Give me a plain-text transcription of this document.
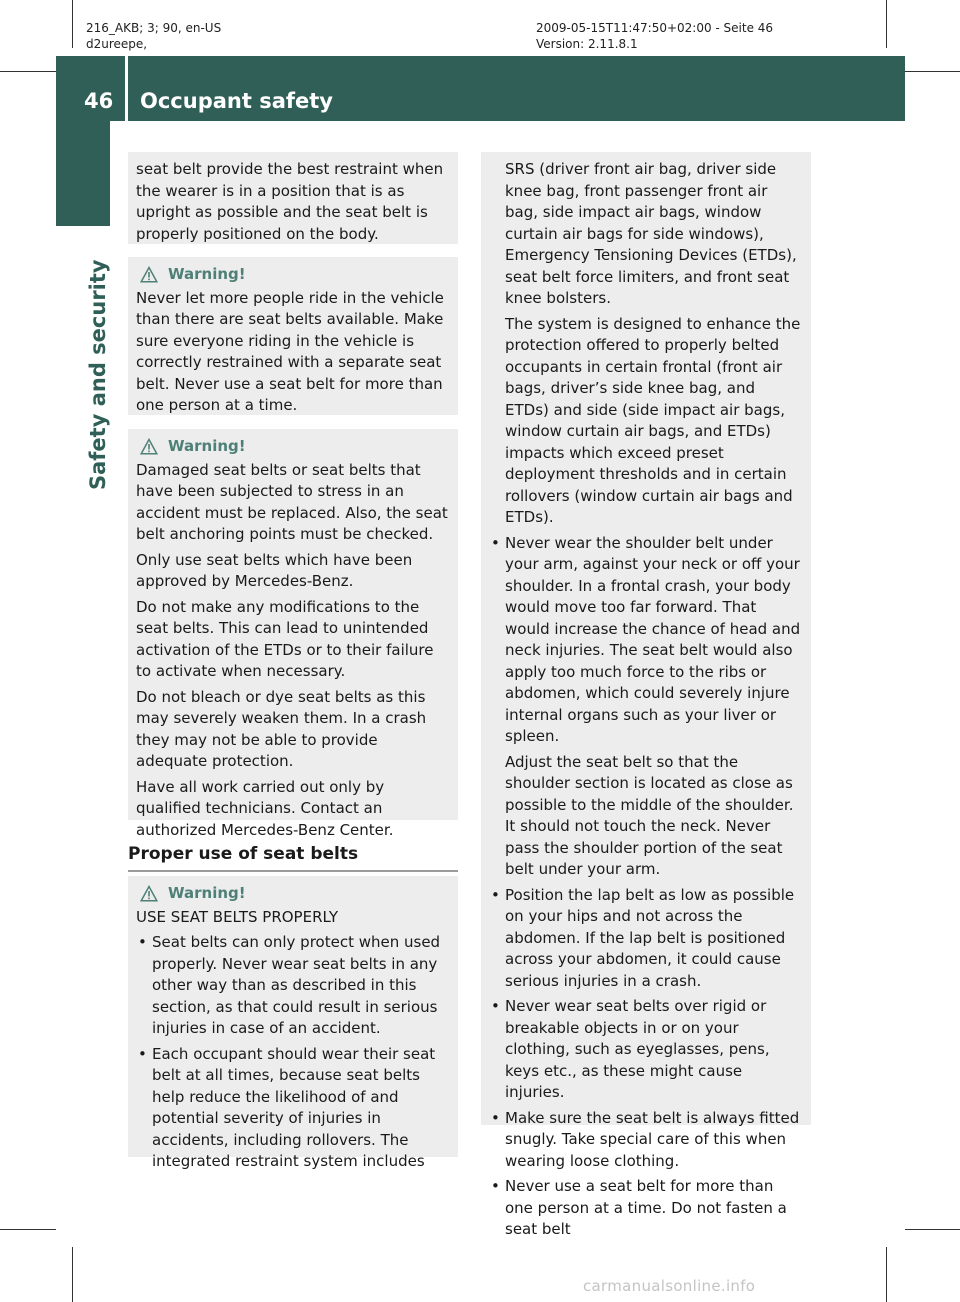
216_AKB; 3; 90, en-US
d2ureepe,
2009-05-15T11:47:50+02:00 - Seite 46
Version: 2.11.8.1
46 Occupant safety
Safety and security

seat belt provide the best restraint when the wearer is in a position that is as upright as possible and the seat belt is properly positioned on the body.

Warning!

Never let more people ride in the vehicle than there are seat belts available. Make sure everyone riding in the vehicle is correctly restrained with a separate seat belt. Never use a seat belt for more than one person at a time.

Warning!

Damaged seat belts or seat belts that have been subjected to stress in an accident must be replaced. Also, the seat belt anchoring points must be checked.

Only use seat belts which have been approved by Mercedes-Benz.

Do not make any modifications to the seat belts. This can lead to unintended activation of the ETDs or to their failure to activate when necessary.

Do not bleach or dye seat belts as this may severely weaken them. In a crash they may not be able to provide adequate protection.

Have all work carried out only by qualified technicians. Contact an authorized Mercedes-Benz Center.

Proper use of seat belts
Warning!

USE SEAT BELTS PROPERLY

• Seat belts can only protect when used properly. Never wear seat belts in any other way than as described in this section, as that could result in serious injuries in case of an accident.

• Each occupant should wear their seat belt at all times, because seat belts help reduce the likelihood of and potential severity of injuries in accidents, including rollovers. The integrated restraint system includes

SRS (driver front air bag, driver side knee bag, front passenger front air bag, side impact air bags, window curtain air bags for side windows), Emergency Tensioning Devices (ETDs), seat belt force limiters, and front seat knee bolsters.

The system is designed to enhance the protection offered to properly belted occupants in certain frontal (front air bags, driver’s side knee bag, and ETDs) and side (side impact air bags, window curtain air bags, and ETDs) impacts which exceed preset deployment thresholds and in certain rollovers (window curtain air bags and ETDs).

• Never wear the shoulder belt under your arm, against your neck or off your shoulder. In a frontal crash, your body would move too far forward. That would increase the chance of head and neck injuries. The seat belt would also apply too much force to the ribs or abdomen, which could severely injure internal organs such as your liver or spleen.

Adjust the seat belt so that the shoulder section is located as close as possible to the middle of the shoulder. It should not touch the neck. Never pass the shoulder portion of the seat belt under your arm.

• Position the lap belt as low as possible on your hips and not across the abdomen. If the lap belt is positioned across your abdomen, it could cause serious injuries in a crash.

• Never wear seat belts over rigid or breakable objects in or on your clothing, such as eyeglasses, pens, keys etc., as these might cause injuries.

• Make sure the seat belt is always fitted snugly. Take special care of this when wearing loose clothing.

• Never use a seat belt for more than one person at a time. Do not fasten a seat belt

carmanualsonline.info
